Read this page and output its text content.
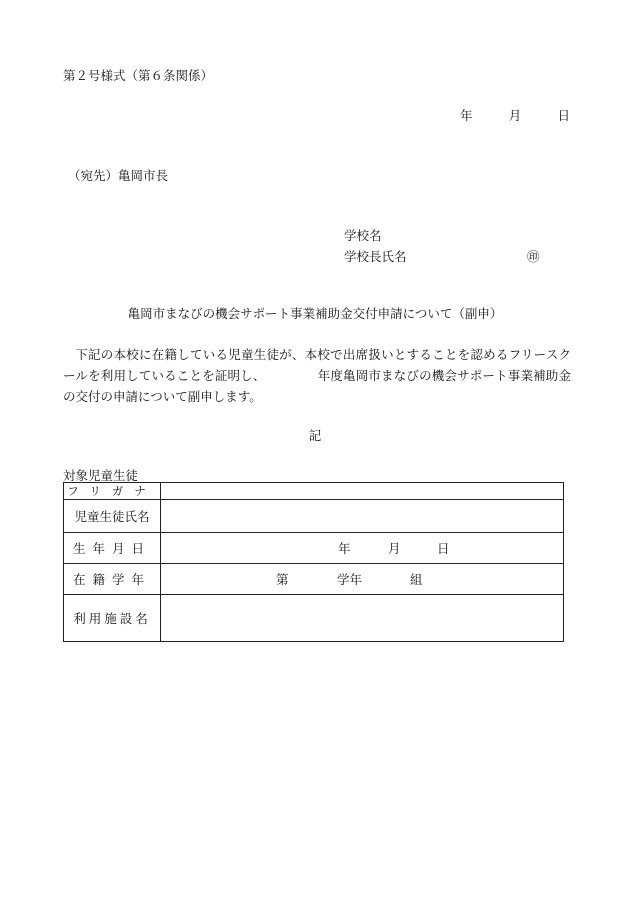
第２号様式（第６条関係）
年	月	日
（宛先）亀岡市長
学校名
学校長氏名	㊞
亀岡市まなびの機会サポート事業補助金交付申請について（副申）
下記の本校に在籍している児童生徒が、本校で出席扱いとすることを認めるフリースクールを利用していることを証明し、	年度亀岡市まなびの機会サポート事業補助金の交付の申請について副申します。
記
対象児童生徒
フリガナ	
児童生徒氏名	
生年月日	年 月 日

在籍学年	第 学年 組

利用施設名	
